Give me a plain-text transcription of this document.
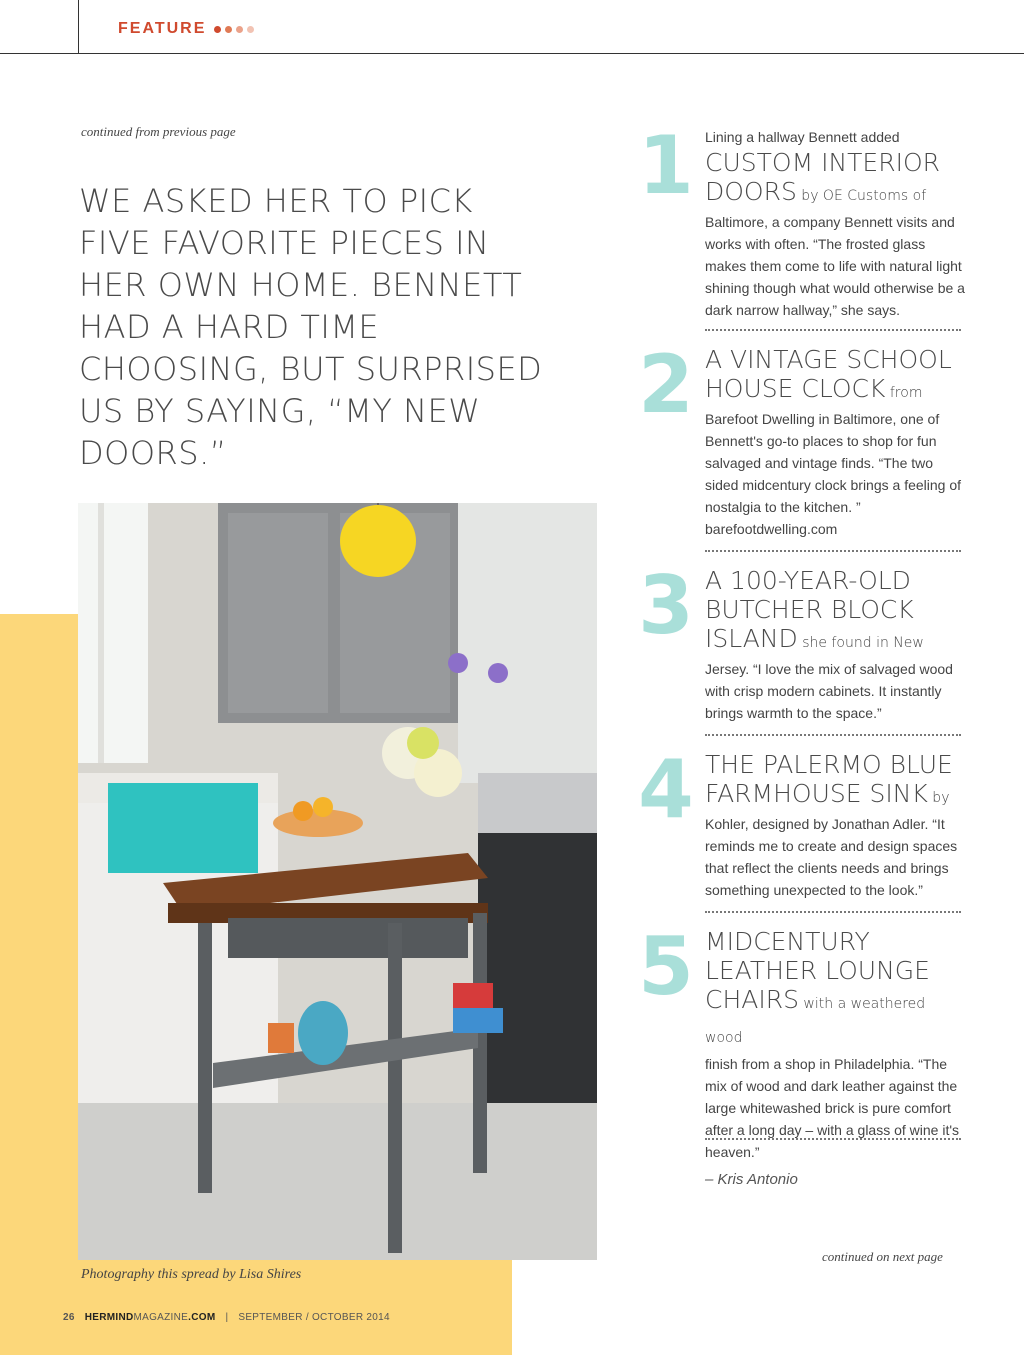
FEATURE
continued from previous page
WE ASKED HER TO PICK FIVE FAVORITE PIECES IN HER OWN HOME. BENNETT HAD A HARD TIME CHOOSING, BUT SURPRISED US BY SAYING, “MY NEW DOORS.”
Photography this spread by Lisa Shires
26 HERMINDMAGAZINE.COM | SEPTEMBER / OCTOBER 2014
1 Lining a hallway Bennett added
CUSTOM INTERIOR DOORS by OE Customs of
Baltimore, a company Bennett visits and works with often. “The frosted glass makes them come to life with natural light shining though what would otherwise be a dark narrow hallway,” she says.
2 A VINTAGE SCHOOL HOUSE CLOCK from
Barefoot Dwelling in Baltimore, one of Bennett's go-to places to shop for fun salvaged and vintage finds. “The two sided midcentury clock brings a feeling of nostalgia to the kitchen. ” barefootdwelling.com
3 A 100-YEAR-OLD BUTCHER BLOCK ISLAND she found in New
Jersey. “I love the mix of salvaged wood with crisp modern cabinets. It instantly brings warmth to the space.”
4 THE PALERMO BLUE FARMHOUSE SINK by
Kohler, designed by Jonathan Adler. “It reminds me to create and design spaces that reflect the clients needs and brings something unexpected to the look.”
5 MIDCENTURY LEATHER LOUNGE CHAIRS with a weathered wood
finish from a shop in Philadelphia. “The mix of wood and dark leather against the large whitewashed brick is pure comfort after a long day – with a glass of wine it's heaven.”
– Kris Antonio
continued on next page
